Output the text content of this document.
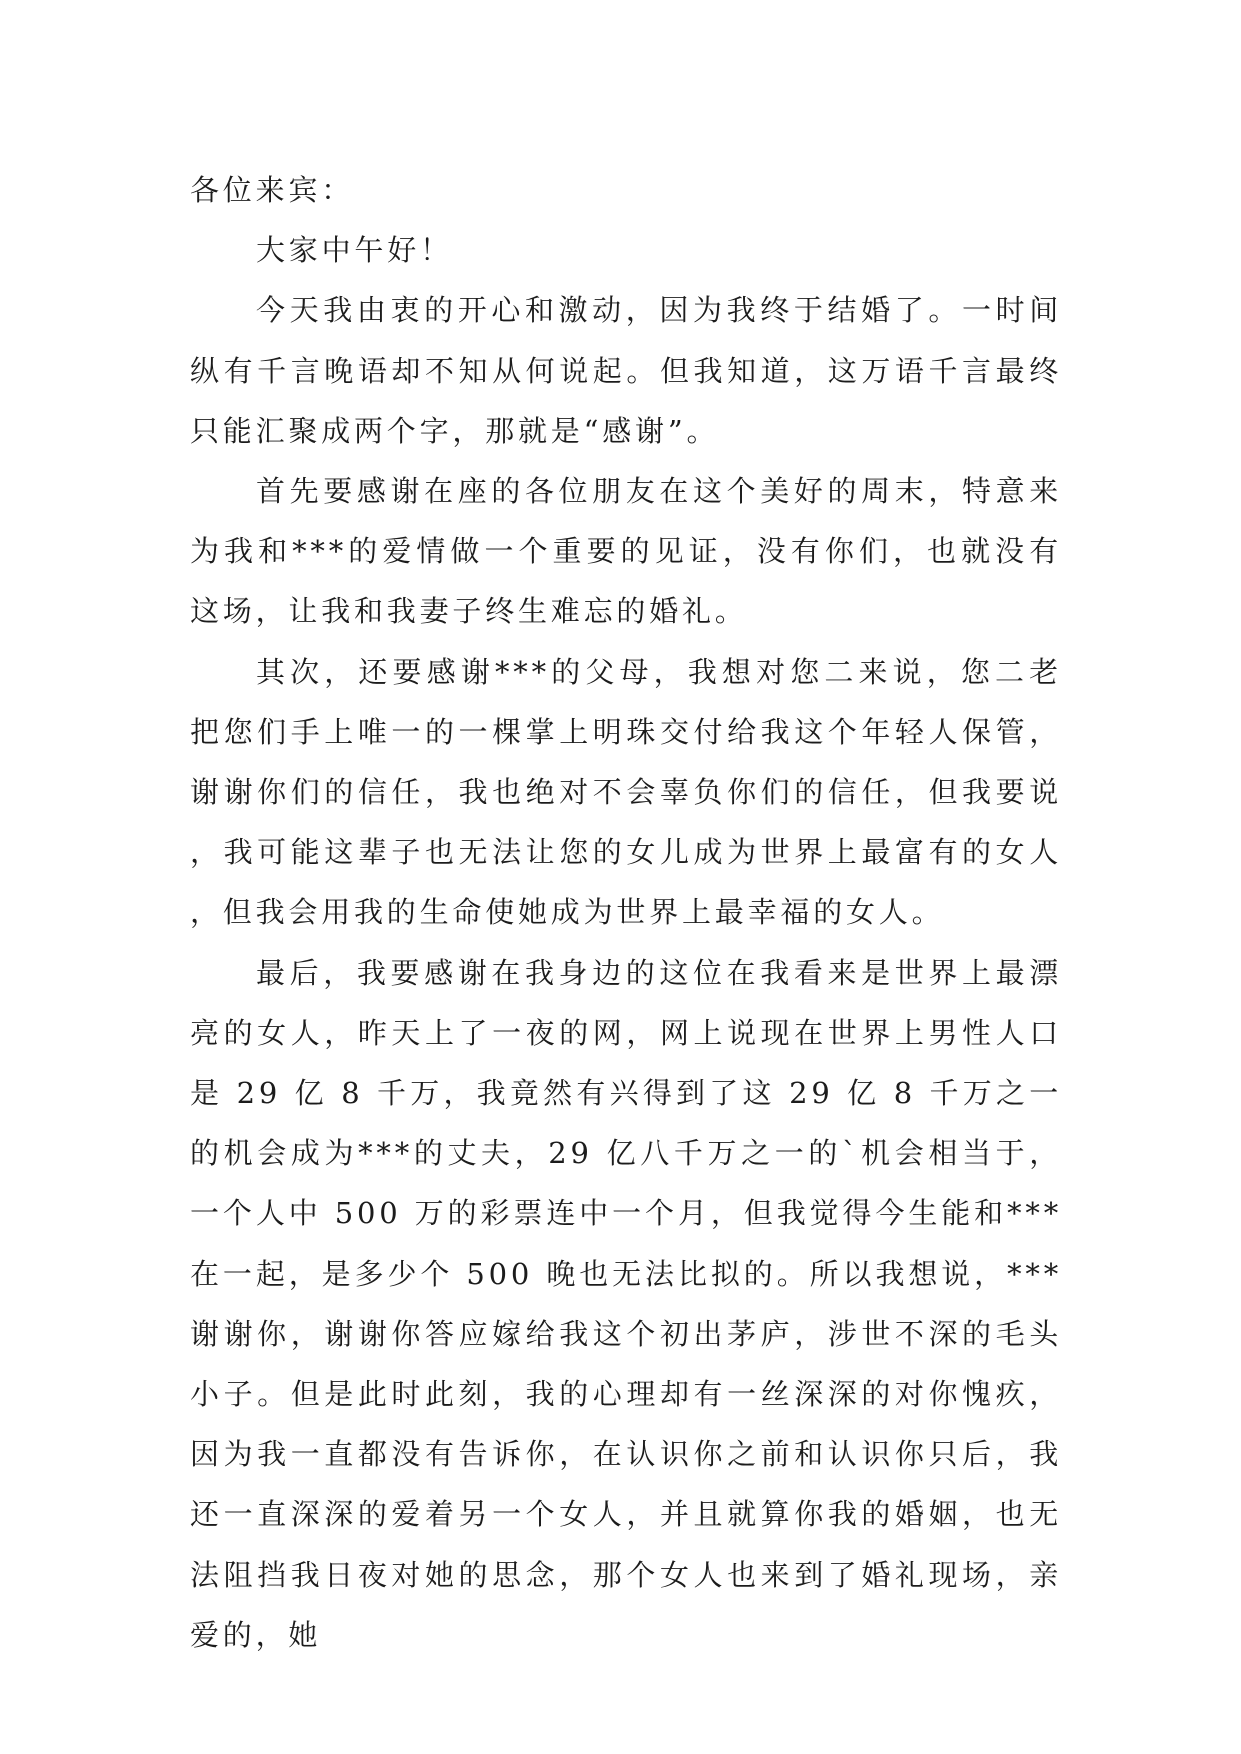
各位来宾：

大家中午好！

今天我由衷的开心和激动，因为我终于结婚了。一时间纵有千言晚语却不知从何说起。但我知道，这万语千言最终只能汇聚成两个字，那就是“感谢”。

首先要感谢在座的各位朋友在这个美好的周末，特意来为我和***的爱情做一个重要的见证，没有你们，也就没有这场，让我和我妻子终生难忘的婚礼。

其次，还要感谢***的父母，我想对您二来说，您二老把您们手上唯一的一棵掌上明珠交付给我这个年轻人保管，谢谢你们的信任，我也绝对不会辜负你们的信任，但我要说，我可能这辈子也无法让您的女儿成为世界上最富有的女人，但我会用我的生命使她成为世界上最幸福的女人。

最后，我要感谢在我身边的这位在我看来是世界上最漂亮的女人，昨天上了一夜的网，网上说现在世界上男性人口是 29 亿 8 千万，我竟然有兴得到了这 29 亿 8 千万之一的机会成为***的丈夫，29 亿八千万之一的`机会相当于，一个人中 500 万的彩票连中一个月，但我觉得今生能和***在一起，是多少个 500 晚也无法比拟的。所以我想说，***谢谢你，谢谢你答应嫁给我这个初出茅庐，涉世不深的毛头小子。但是此时此刻，我的心理却有一丝深深的对你愧疚，因为我一直都没有告诉你，在认识你之前和认识你只后，我还一直深深的爱着另一个女人，并且就算你我的婚姻，也无法阻挡我日夜对她的思念，那个女人也来到了婚礼现场，亲爱的，她
